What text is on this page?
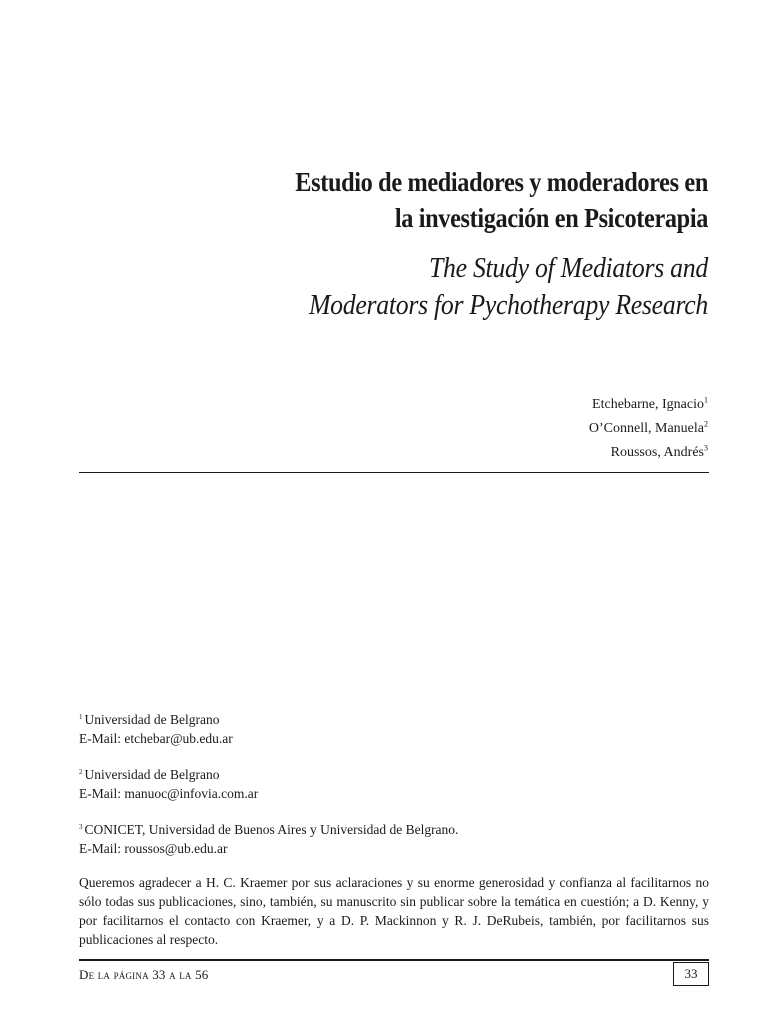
Estudio de mediadores y moderadores en
la investigación en Psicoterapia
The Study of Mediators and
Moderators for Pychotherapy Research
Etchebarne, Ignacio$^1$
O’Connell, Manuela$^2$
Roussos, Andrés$^3$
$^1$ Universidad de Belgrano
E-Mail: etchebar@ub.edu.ar
$^2$ Universidad de Belgrano
E-Mail: manuoc@infovia.com.ar
$^3$ CONICET, Universidad de Buenos Aires y Universidad de Belgrano.
E-Mail: roussos@ub.edu.ar

Queremos agradecer a H. C. Kraemer por sus aclaraciones y su enorme generosidad y confianza al facilitarnos no sólo todas sus publicaciones, sino, también, su manuscrito sin publicar sobre la temática en cuestión; a D. Kenny, y por facilitarnos el contacto con Kraemer, y a D. P. Mackinnon y R. J. DeRubeis, también, por facilitarnos sus publicaciones al respecto.

De la página 33 a la 56	33
